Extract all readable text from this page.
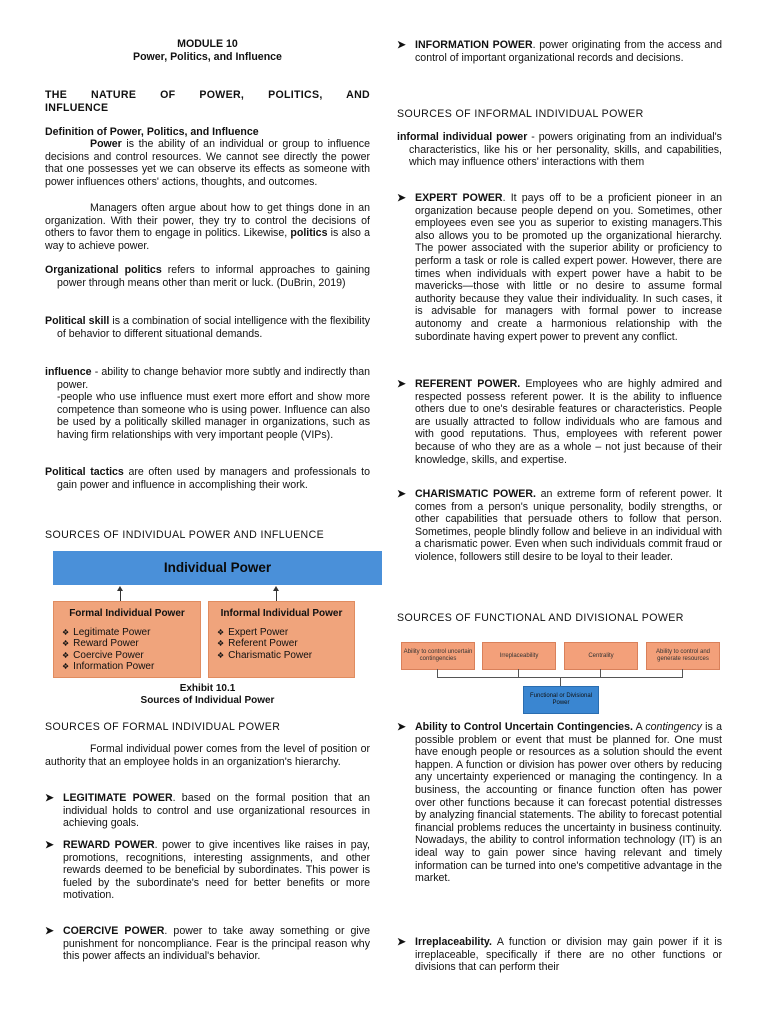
MODULE 10
Power, Politics, and Influence
THE NATURE OF POWER, POLITICS, AND INFLUENCE
Definition of Power, Politics, and Influence
Power is the ability of an individual or group to influence decisions and control resources. We cannot see directly the power that one possesses yet we can observe its effects as someone with power influences others' actions, thoughts, and outcomes.
Managers often argue about how to get things done in an organization. With their power, they try to control the decisions of others to favor them to engage in politics. Likewise, politics is also a way to achieve power.
Organizational politics refers to informal approaches to gaining power through means other than merit or luck. (DuBrin, 2019)
Political skill is a combination of social intelligence with the flexibility of behavior to different situational demands.
influence - ability to change behavior more subtly and indirectly than power.
-people who use influence must exert more effort and show more competence than someone who is using power. Influence can also be used by a politically skilled manager in organizations, such as having firm relationships with very important people (VIPs).
Political tactics are often used by managers and professionals to gain power and influence in accomplishing their work.
SOURCES OF INDIVIDUAL POWER AND INFLUENCE
Individual Power
Formal Individual Power
❖ Legitimate Power
❖ Reward Power
❖ Coercive Power
❖ Information Power
Informal Individual Power
❖ Expert Power
❖ Referent Power
❖ Charismatic Power
Exhibit 10.1
Sources of Individual Power
SOURCES OF FORMAL INDIVIDUAL POWER
Formal individual power comes from the level of position or authority that an employee holds in an organization's hierarchy.
➤ LEGITIMATE POWER. based on the formal position that an individual holds to control and use organizational resources in achieving goals.
➤ REWARD POWER. power to give incentives like raises in pay, promotions, recognitions, interesting assignments, and other rewards deemed to be beneficial by subordinates. This power is fueled by the subordinate's need for better benefits or more motivation.
➤ COERCIVE POWER. power to take away something or give punishment for noncompliance. Fear is the principal reason why this power affects an individual's behavior.
➤ INFORMATION POWER. power originating from the access and control of important organizational records and decisions.
SOURCES OF INFORMAL INDIVIDUAL POWER
informal individual power - powers originating from an individual's characteristics, like his or her personality, skills, and capabilities, which may influence others' interactions with them
➤ EXPERT POWER. It pays off to be a proficient pioneer in an organization because people depend on you. Sometimes, other employees even see you as superior to existing managers.This also allows you to be promoted up the organizational hierarchy. The power associated with the superior ability or proficiency to perform a task or role is called expert power. However, there are times when individuals with expert power have a habit to be mavericks—those with little or no desire to assume formal authority because they value their individuality. In such cases, it is advisable for managers with formal power to increase autonomy and create a harmonious relationship with the subordinate having expert power to prevent any conflict.
➤ REFERENT POWER. Employees who are highly admired and respected possess referent power. It is the ability to influence others due to one's desirable features or characteristics. People are usually attracted to follow individuals who are famous and with good reputations. Thus, employees with referent power because of who they are as a whole – not just because of their knowledge, skills, and expertise.
➤ CHARISMATIC POWER. an extreme form of referent power. It comes from a person's unique personality, bodily strengths, or other capabilities that persuade others to follow that person. Sometimes, people blindly follow and believe in an individual with a charismatic power. Even when such individuals commit fraud or violence, followers still desire to be loyal to their leader.
SOURCES OF FUNCTIONAL AND DIVISIONAL POWER
Ability to control uncertain contingencies
Irreplaceability	Centrality
Ability to control and generate resources
Functional or Divisional Power
➤ Ability to Control Uncertain Contingencies. A contingency is a possible problem or event that must be planned for. One must have enough people or resources as a solution should the event happen. A function or division has power over others by reducing any uncertainty experienced or managing the contingency. In a business, the accounting or finance function often has power over other functions because it can forecast potential distresses by analyzing financial statements. The ability to forecast potential financial problems reduces the uncertainty in business continuity. Nowadays, the ability to control information technology (IT) is an ideal way to gain power since having relevant and timely information can be turned into one's competitive advantage in the market.
➤ Irreplaceability. A function or division may gain power if it is irreplaceable, specifically if there are no other functions or divisions that can perform their
